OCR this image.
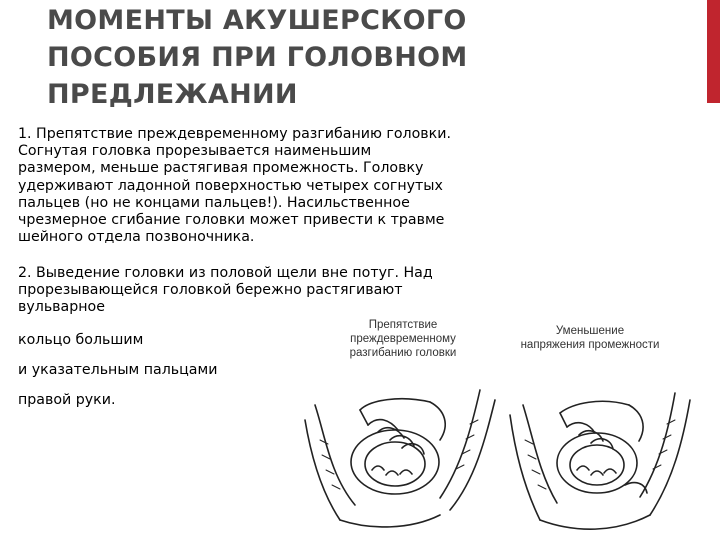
МОМЕНТЫ АКУШЕРСКОГО
ПОСОБИЯ ПРИ ГОЛОВНОМ
ПРЕДЛЕЖАНИИ
1. Препятствие преждевременному разгибанию головки.
Согнутая головка прорезывается наименьшим
размером, меньше растягивая промежность. Головку
удерживают ладонной поверхностью четырех согнутых
пальцев (но не концами пальцев!). Насильственное
чрезмерное сгибание головки может привести к травме
шейного отдела позвоночника.
2. Выведение головки из половой щели вне потуг. Над
прорезывающейся головкой бережно растягивают
вульварное
кольцо большим
и указательным пальцами
правой руки.
Препятствие
преждевременному
разгибанию головки
Уменьшение
напряжения промежности
